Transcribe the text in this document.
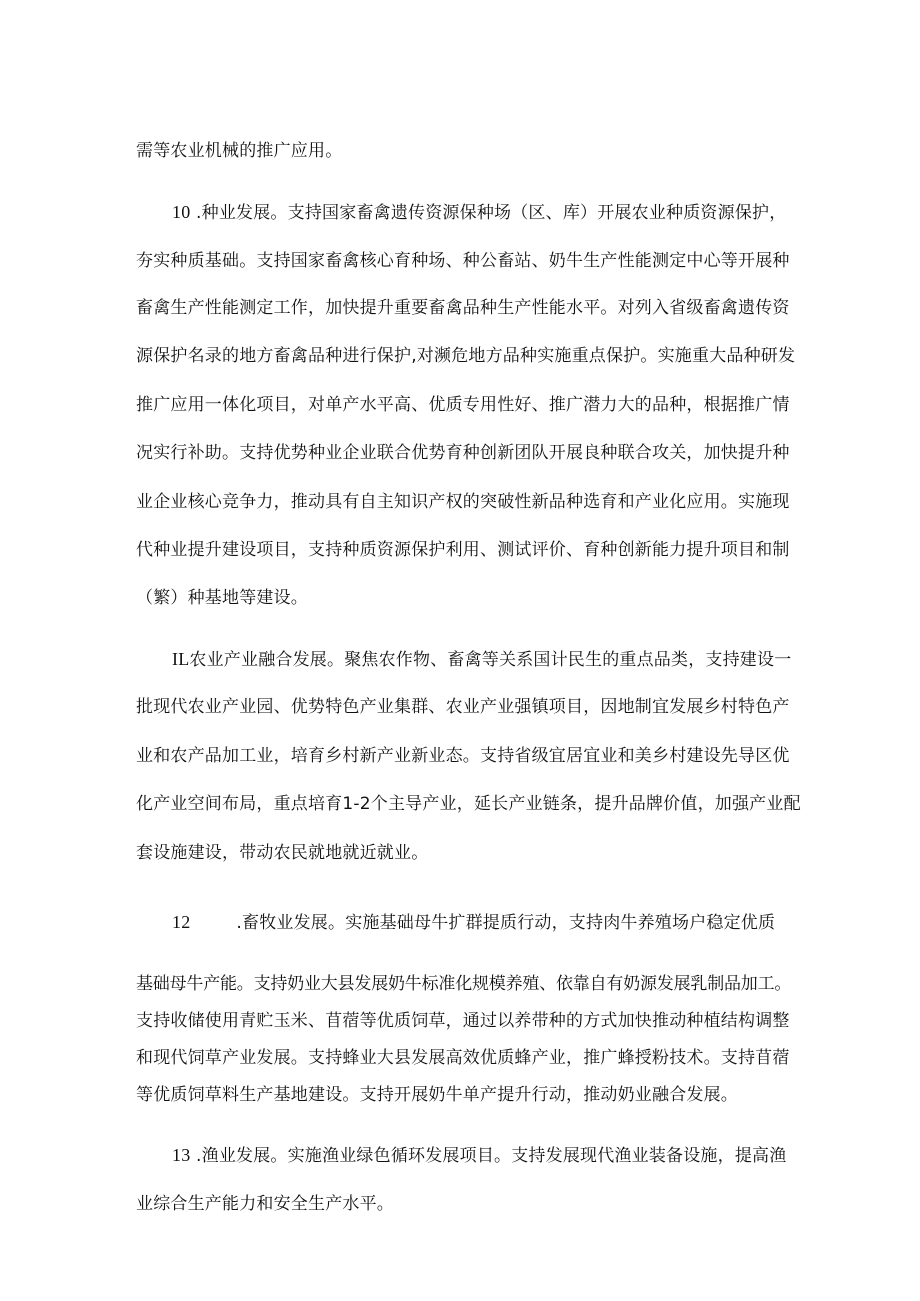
需等农业机械的推广应用。
10 .种业发展。支持国家畜禽遗传资源保种场（区、库）开展农业种质资源保护，
夯实种质基础。支持国家畜禽核心育种场、种公畜站、奶牛生产性能测定中心等开展种
畜禽生产性能测定工作，加快提升重要畜禽品种生产性能水平。对列入省级畜禽遗传资
源保护名录的地方畜禽品种进行保护,对濒危地方品种实施重点保护。实施重大品种研发
推广应用一体化项目，对单产水平高、优质专用性好、推广潜力大的品种，根据推广情
况实行补助。支持优势种业企业联合优势育种创新团队开展良种联合攻关，加快提升种
业企业核心竞争力，推动具有自主知识产权的突破性新品种选育和产业化应用。实施现
代种业提升建设项目，支持种质资源保护利用、测试评价、育种创新能力提升项目和制
（繁）种基地等建设。
IL农业产业融合发展。聚焦农作物、畜禽等关系国计民生的重点品类，支持建设一
批现代农业产业园、优势特色产业集群、农业产业强镇项目，因地制宜发展乡村特色产
业和农产品加工业，培育乡村新产业新业态。支持省级宜居宜业和美乡村建设先导区优
化产业空间布局，重点培育1-2个主导产业，延长产业链条，提升品牌价值，加强产业配
套设施建设，带动农民就地就近就业。
12	.畜牧业发展。实施基础母牛扩群提质行动，支持肉牛养殖场户稳定优质
基础母牛产能。支持奶业大县发展奶牛标准化规模养殖、依靠自有奶源发展乳制品加工。
支持收储使用青贮玉米、苜蓿等优质饲草，通过以养带种的方式加快推动种植结构调整
和现代饲草产业发展。支持蜂业大县发展高效优质蜂产业，推广蜂授粉技术。支持苜蓿
等优质饲草料生产基地建设。支持开展奶牛单产提升行动，推动奶业融合发展。
13 .渔业发展。实施渔业绿色循环发展项目。支持发展现代渔业装备设施，提高渔
业综合生产能力和安全生产水平。
